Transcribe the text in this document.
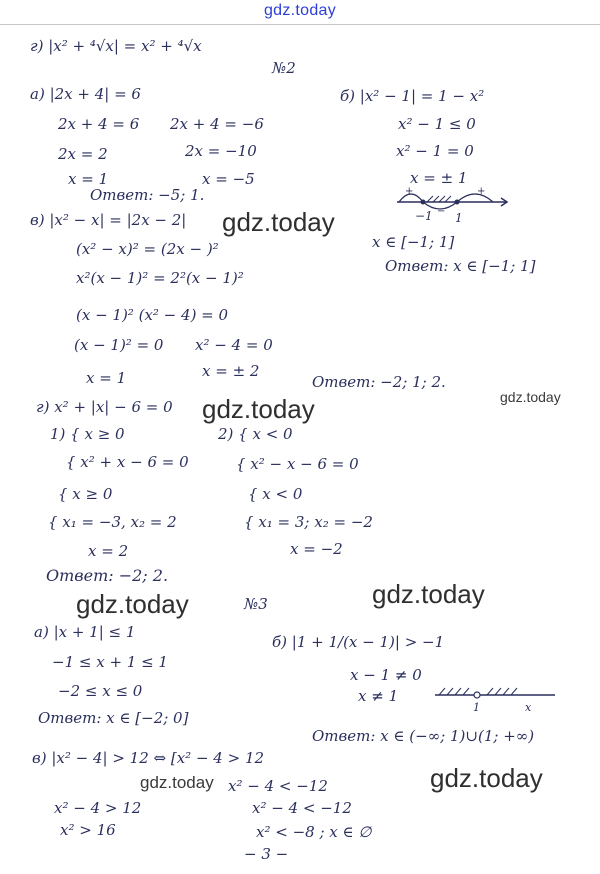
gdz.today
г) |x² + ⁴√x| = x² + ⁴√x
№2
а) |2x + 4| = 6	б) |x² − 1| = 1 − x²
2x + 4 = 6 2x + 4 = −6	x² − 1 ≤ 0
2x = 2	2x = −10	x² − 1 = 0
x = 1	x = −5	x = ± 1
Ответ: −5; 1.
−1 1
+
−
+
в) |x² − x| = |2x − 2|
(x² − x)² = (2x − )²	x ∈ [−1; 1]
x²(x − 1)² = 2²(x − 1)²
Ответ: x ∈ [−1; 1]
(x − 1)² (x² − 4) = 0
(x − 1)² = 0 x² − 4 = 0
x = 1	x = ± 2
Ответ: −2; 1; 2.
г) x² + |x| − 6 = 0
1) { x ≥ 0
{ x² + x − 6 = 0
2) { x < 0
{ x² − x − 6 = 0
{ x ≥ 0
{ x₁ = −3, x₂ = 2
{ x < 0
{ x₁ = 3; x₂ = −2
x = 2	x = −2
Ответ: −2; 2.
№3
а) |x + 1| ≤ 1
б) |1 + 1/(x − 1)| > −1
−1 ≤ x + 1 ≤ 1
x − 1 ≠ 0
−2 ≤ x ≤ 0	x ≠ 1
1	x
Ответ: x ∈ [−2; 0]
Ответ: x ∈ (−∞; 1)∪(1; +∞)
в) |x² − 4| > 12 ⇔ [x² − 4 > 12
x² − 4 < −12
x² − 4 > 12	x² − 4 < −12
x² > 16	x² < −8 ; x ∈ ∅
− 3 −
gdz.today
gdz.today
gdz.today
gdz.today
gdz.today
gdz.today
gdz.today
